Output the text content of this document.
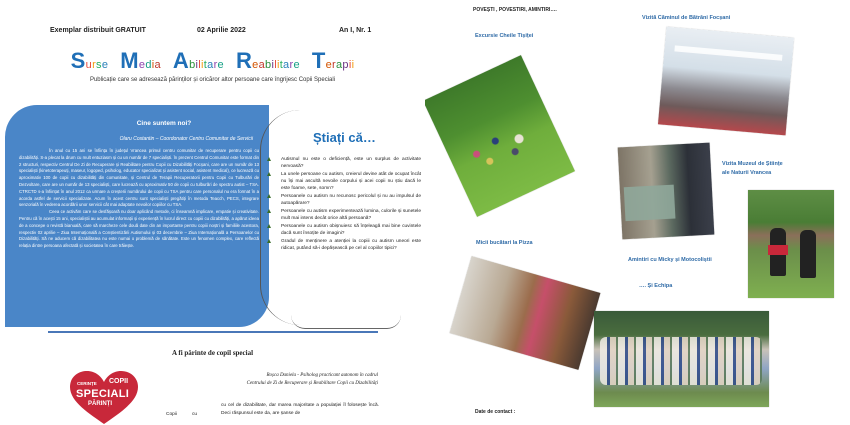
Exemplar distribuit GRATUIT	02 Aprilie 2022	An I, Nr. 1
Surse Media Abilitare Reabilitare Terapii
Publicație care se adresează părinților și oricăror altor persoane care îngrijesc Copii Speciali
Cine suntem noi?
Olaru Costantin – Coordonator Centru Comunitar de Servicii

În anul cu 15 ani se înființa în județul Vrancea primul centru comunitar de recuperare pentru copii cu dizabilități. S-a plecat la drum cu mult entuziasm și cu un număr de 7 specialiști. În prezent Centrul Comunitar este format din 2 structuri, respectiv Centrul De Zi de Recuperare și Reabilitare pentru Copii cu Dizabilități Focșani, care are un număr de 13 specialiști (kinetoterapeuți, maseur, logoped, psiholog, educator specializat și asistent social, asistent medical), ce lucrează cu aproximativ 100 de copii cu dizabilități din comunitate, și Centrul de Terapii Recuperatorii pentru Copii cu Tulburări de Dezvoltare, care are un număr de 13 specialiști, care lucrează cu aproximativ 50 de copii cu tulburări de spectru autist – TSA. CTRCTD s-a înființat în anul 2012 ca urmare a creșterii numărului de copii cu TSA pentru care personalul nu era format în a acorda astfel de servicii specializate. Acum în acest centru sunt specialiști pregătiți în metoda Teacch, PECS, integrare senzorială în vederea acordării unor servicii cât mai adaptate nevoilor copiilor cu TSA.

Ceea ce activăm care se desfășoară nu doar aplicând metode, ci înseamnă implicare, empatie și creativitate. Pentru că în acești 15 ani, specialiștii au acumulat informații și experiență în lucrul direct cu copiii cu dizabilități, a apărut ideea de a concepe o revistă bianuală, care să marcheze cele două date din an importante pentru copiii noștri și familiile acestora, respectiv 02 aprilie – Ziua Internațională a Conștientizării Autismului și 03 decembrie – Ziua Internațională a Persoanelor cu Dizabilități. Să ne aducem că dizabilitatea nu este numai o problemă de sănătate. Este un fenomen complex, care reflectă relația dintre persoana afectată și societatea în care trăiește.

Știați că…
Autismul nu este o deficiență, este un surplus de activitate nervoasă?
La unele persoane cu autism, creierul devine atât de ocupat încât nu își mai ascultă nevoile corpului și acei copii nu știu dacă le este foame, sete, somn?
Persoanele cu autism nu recunosc pericolul și nu au impulsul de autoapărare?
Persoanele cu autism experimentează lumina, culorile și sunetele mult mai intens decât orice altă persoană?
Persoanele cu autism obișnuiesc să înțeleagă mai bine cuvintele dacă sunt însoțite de imagini?
Gradul de menținere a atenției la copiii cu autism uneori este ridicat, putând să-i depășească pe cel al copiilor tipici?
A fi părinte de copil special
CERINȚE COPII
SPECIALI
PĂRINȚI
Roșca Daniela - Psiholog practicant autonom în cadrul
Centrului de Zi de Recuperare și Reabilitare Copii cu Dizabilități
Copii	cu
cu cel de dizabilitate, dar marea majoritate a populației îl folosește încă. Deci răspunsul este da, are șanse de
POVEȘTI , POVESTIRI, AMINTIRI….
Excursie Cheile Tișiței
Vizită Căminul de Bătrâni Focșani
Vizita Muzeul de Științe
ale Naturii Vrancea
Micii bucătari la Pizza
Amintiri cu Micky și Motocoliștii
…. Și Echipa
Date de contact :
